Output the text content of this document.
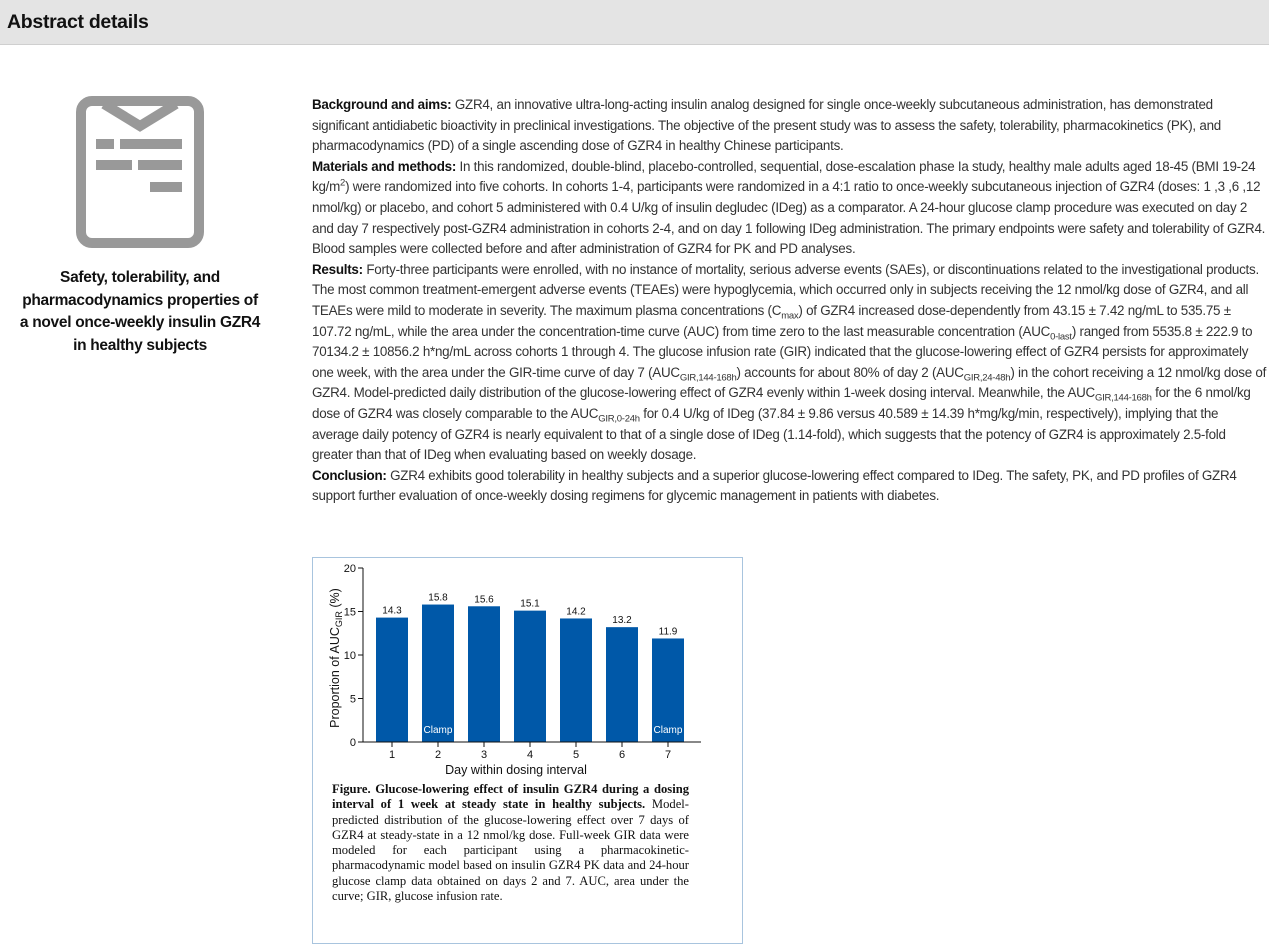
Abstract details
Safety, tolerability, and pharmacodynamics properties of a novel once-weekly insulin GZR4 in healthy subjects

Background and aims: GZR4, an innovative ultra-long-acting insulin analog designed for single once-weekly subcutaneous administration, has demonstrated significant antidiabetic bioactivity in preclinical investigations. The objective of the present study was to assess the safety, tolerability, pharmacokinetics (PK), and pharmacodynamics (PD) of a single ascending dose of GZR4 in healthy Chinese participants.

Materials and methods: In this randomized, double-blind, placebo-controlled, sequential, dose-escalation phase Ia study, healthy male adults aged 18-45 (BMI 19-24 $kg/m^2$) were randomized into five cohorts. In cohorts 1-4, participants were randomized in a 4:1 ratio to once-weekly subcutaneous injection of GZR4 (doses: 1 ,3 ,6 ,12 nmol/kg) or placebo, and cohort 5 administered with 0.4 U/kg of insulin degludec (IDeg) as a comparator. A 24-hour glucose clamp procedure was executed on day 2 and day 7 respectively post-GZR4 administration in cohorts 2-4, and on day 1 following IDeg administration. The primary endpoints were safety and tolerability of GZR4. Blood samples were collected before and after administration of GZR4 for PK and PD analyses.

Results: Forty-three participants were enrolled, with no instance of mortality, serious adverse events (SAEs), or discontinuations related to the investigational products. The most common treatment-emergent adverse events (TEAEs) were hypoglycemia, which occurred only in subjects receiving the 12 nmol/kg dose of GZR4, and all TEAEs were mild to moderate in severity. The maximum plasma concentrations $(C_{max})$ of GZR4 increased dose-dependently from 43.15 ± 7.42 ng/mL to 535.75 ± 107.72 ng/mL, while the area under the concentration-time curve (AUC) from time zero to the last measurable concentration $(AUC_{0-last})$ ranged from 5535.8 ± 222.9 to 70134.2 ± 10856.2 h*ng/mL across cohorts 1 through 4. The glucose infusion rate (GIR) indicated that the glucose-lowering effect of GZR4 persists for approximately one week, with the area under the GIR-time curve of day 7 $(AUC_{GIR,144-168h})$ accounts for about 80% of day 2 $(AUC_{GIR,24-48h})$ in the cohort receiving a 12 nmol/kg dose of GZR4. Model-predicted daily distribution of the glucose-lowering effect of GZR4 evenly within 1-week dosing interval. Meanwhile, the $AUC_{GIR,144-168h}$ for the 6 nmol/kg dose of GZR4 was closely comparable to the $AUC_{GIR,0-24h}$ for 0.4 U/kg of IDeg (37.84 ± 9.86 versus 40.589 ± 14.39 h*mg/kg/min, respectively), implying that the average daily potency of GZR4 is nearly equivalent to that of a single dose of IDeg (1.14-fold), which suggests that the potency of GZR4 is approximately 2.5-fold greater than that of IDeg when evaluating based on weekly dosage.

Conclusion: GZR4 exhibits good tolerability in healthy subjects and a superior glucose-lowering effect compared to IDeg. The safety, PK, and PD profiles of GZR4 support further evaluation of once-weekly dosing regimens for glycemic management in patients with diabetes.

0
5
10
15
20
14.3
15.8
Clamp
15.6	15.1
14.2
13.2
11.9
Clamp
1	2	3	4	5	6	7
Day within dosing interval
Proportion of $AUC_{GIR}$ (%)
Figure. Glucose-lowering effect of insulin GZR4 during a dosing interval of 1 week at steady state in healthy subjects. Model-predicted distribution of the glucose-lowering effect over 7 days of GZR4 at steady-state in a 12 nmol/kg dose. Full-week GIR data were modeled for each participant using a pharmacokinetic-pharmacodynamic model based on insulin GZR4 PK data and 24-hour glucose clamp data obtained on days 2 and 7. AUC, area under the curve; GIR, glucose infusion rate.
